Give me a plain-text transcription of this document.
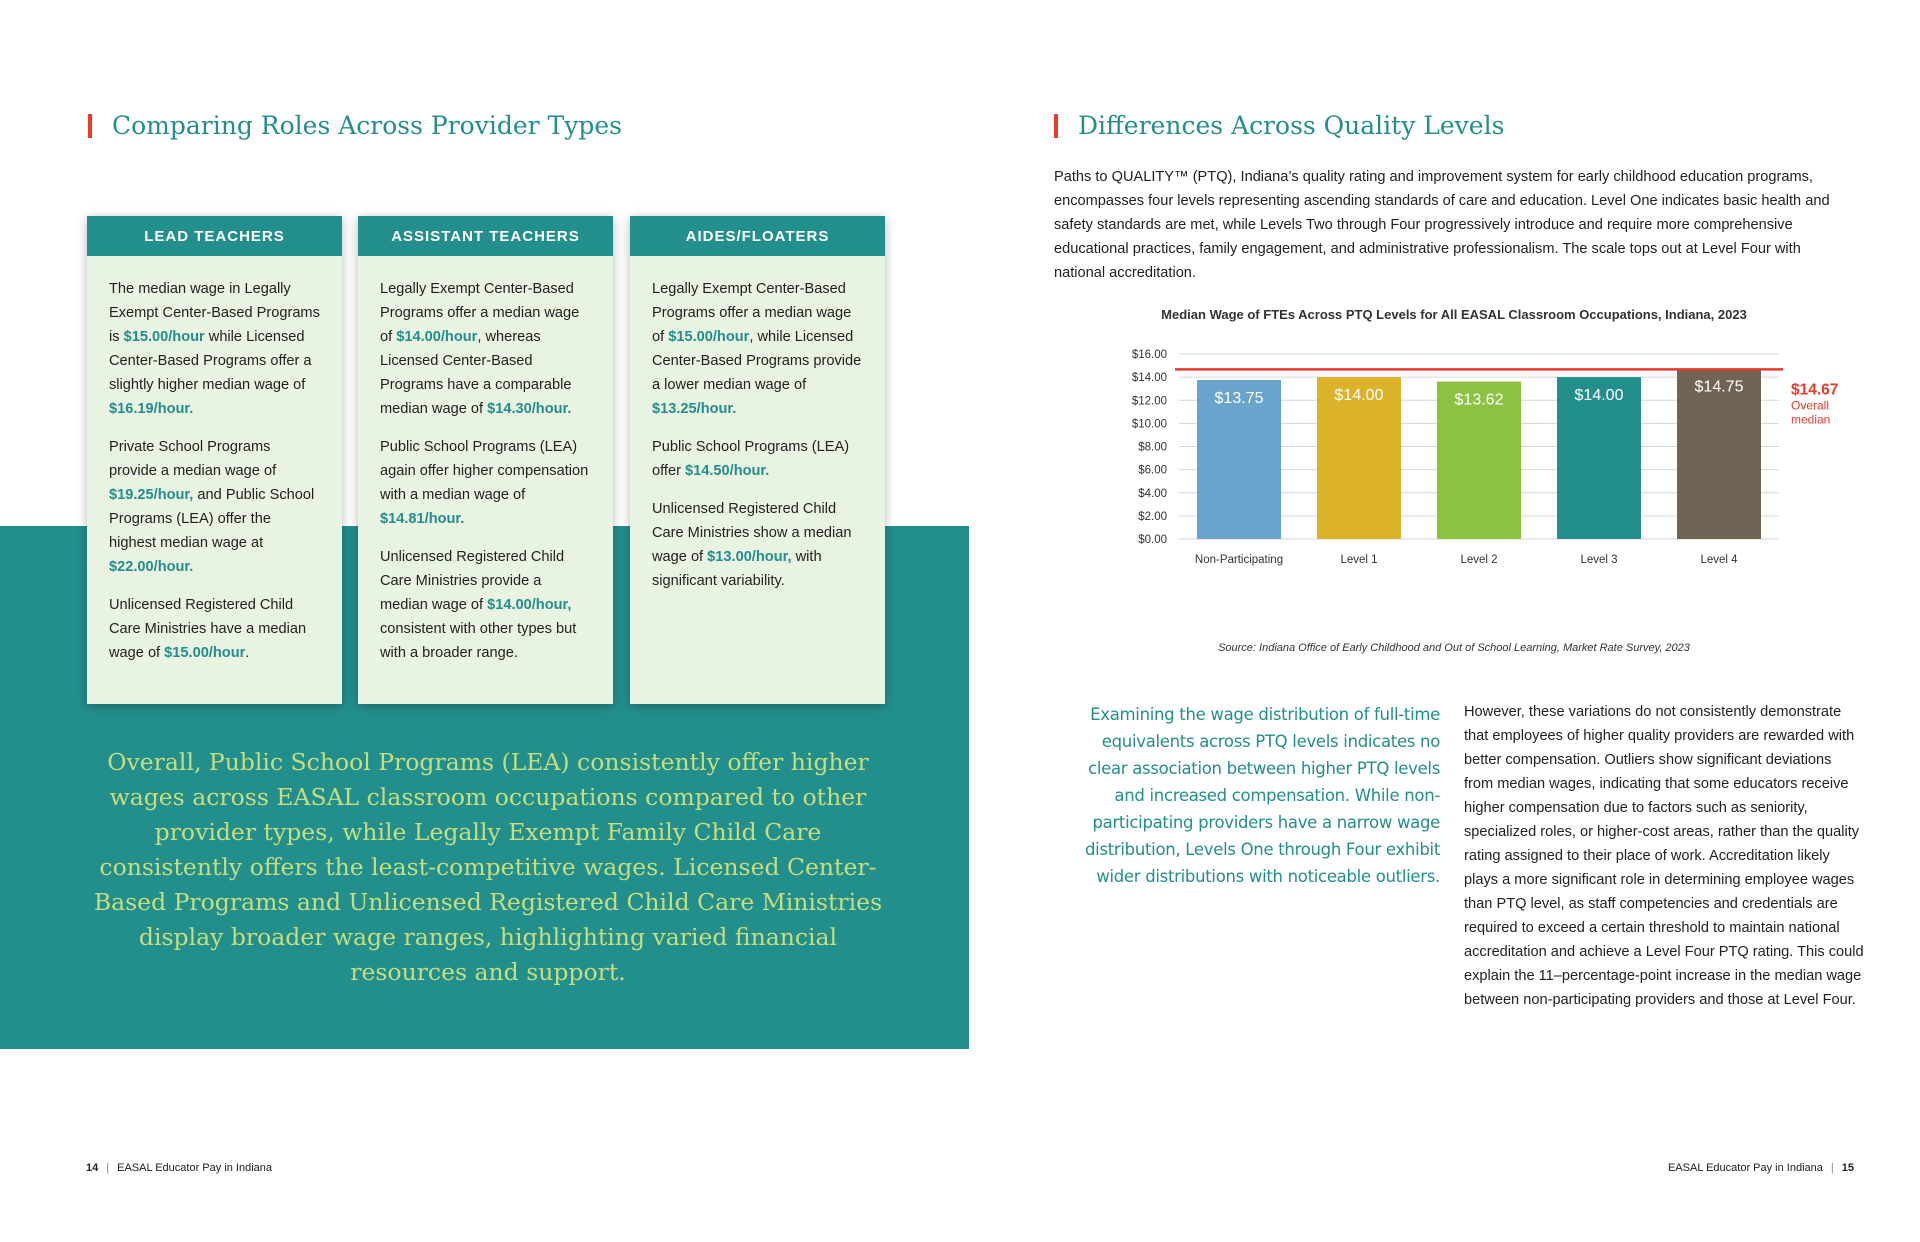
Comparing Roles Across Provider Types
LEAD TEACHERS

The median wage in Legally Exempt Center-Based Programs is $15.00/hour while Licensed Center-Based Programs offer a slightly higher median wage of $16.19/hour.

Private School Programs provide a median wage of $19.25/hour, and Public School Programs (LEA) offer the highest median wage at $22.00/hour.

Unlicensed Registered Child Care Ministries have a median wage of $15.00/hour.

ASSISTANT TEACHERS

Legally Exempt Center-Based Programs offer a median wage of $14.00/hour, whereas Licensed Center-Based Programs have a comparable median wage of $14.30/hour.

Public School Programs (LEA) again offer higher compensation with a median wage of $14.81/hour.

Unlicensed Registered Child Care Ministries provide a median wage of $14.00/hour, consistent with other types but with a broader range.

AIDES/FLOATERS

Legally Exempt Center-Based Programs offer a median wage of $15.00/hour, while Licensed Center-Based Programs provide a lower median wage of $13.25/hour.

Public School Programs (LEA) offer $14.50/hour.

Unlicensed Registered Child Care Ministries show a median wage of $13.00/hour, with significant variability.

Overall, Public School Programs (LEA) consistently offer higher wages across EASAL classroom occupations compared to other provider types, while Legally Exempt Family Child Care consistently offers the least-competitive wages. Licensed Center-Based Programs and Unlicensed Registered Child Care Ministries display broader wage ranges, highlighting varied financial resources and support.
14 | EASAL Educator Pay in Indiana
Differences Across Quality Levels
Paths to QUALITY™ (PTQ), Indiana’s quality rating and improvement system for early childhood education programs, encompasses four levels representing ascending standards of care and education. Level One indicates basic health and safety standards are met, while Levels Two through Four progressively introduce and require more comprehensive educational practices, family engagement, and administrative professionalism. The scale tops out at Level Four with national accreditation.
Median Wage of FTEs Across PTQ Levels for All EASAL Classroom Occupations, Indiana, 2023
$0.00
$2.00
$4.00
$6.00
$8.00
$10.00
$12.00
$14.00
$16.00
$13.75
Non-Participating
$14.00
Level 1
$13.62
Level 2
$14.00
Level 3
$14.75
Level 4
$14.67
Overall
median
Source: Indiana Office of Early Childhood and Out of School Learning, Market Rate Survey, 2023
Examining the wage distribution of full-time equivalents across PTQ levels indicates no clear association between higher PTQ levels and increased compensation. While non-participating providers have a narrow wage distribution, Levels One through Four exhibit wider distributions with noticeable outliers.
However, these variations do not consistently demonstrate that employees of higher quality providers are rewarded with better compensation. Outliers show significant deviations from median wages, indicating that some educators receive higher compensation due to factors such as seniority, specialized roles, or higher-cost areas, rather than the quality rating assigned to their place of work. Accreditation likely plays a more significant role in determining employee wages than PTQ level, as staff competencies and credentials are required to exceed a certain threshold to maintain national accreditation and achieve a Level Four PTQ rating. This could explain the 11–percentage-point increase in the median wage between non-participating providers and those at Level Four.
EASAL Educator Pay in Indiana | 15
